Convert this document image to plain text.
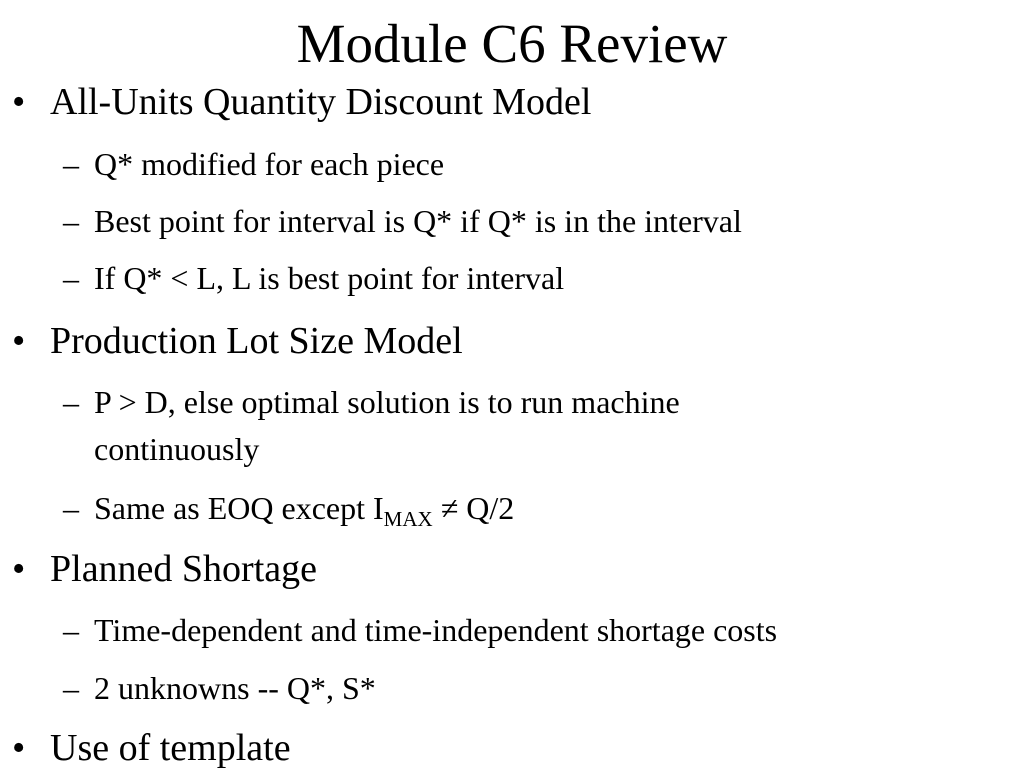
Module C6 Review
• All-Units Quantity Discount Model
– Q* modified for each piece
– Best point for interval is Q* if Q* is in the interval
– If Q* < L, L is best point for interval
• Production Lot Size Model
– P > D, else optimal solution is to run machine
continuously
– Same as EOQ except $I_{MAX} \ne Q/2$
• Planned Shortage
– Time-dependent and time-independent shortage costs
– 2 unknowns -- Q*, S*
• Use of template
